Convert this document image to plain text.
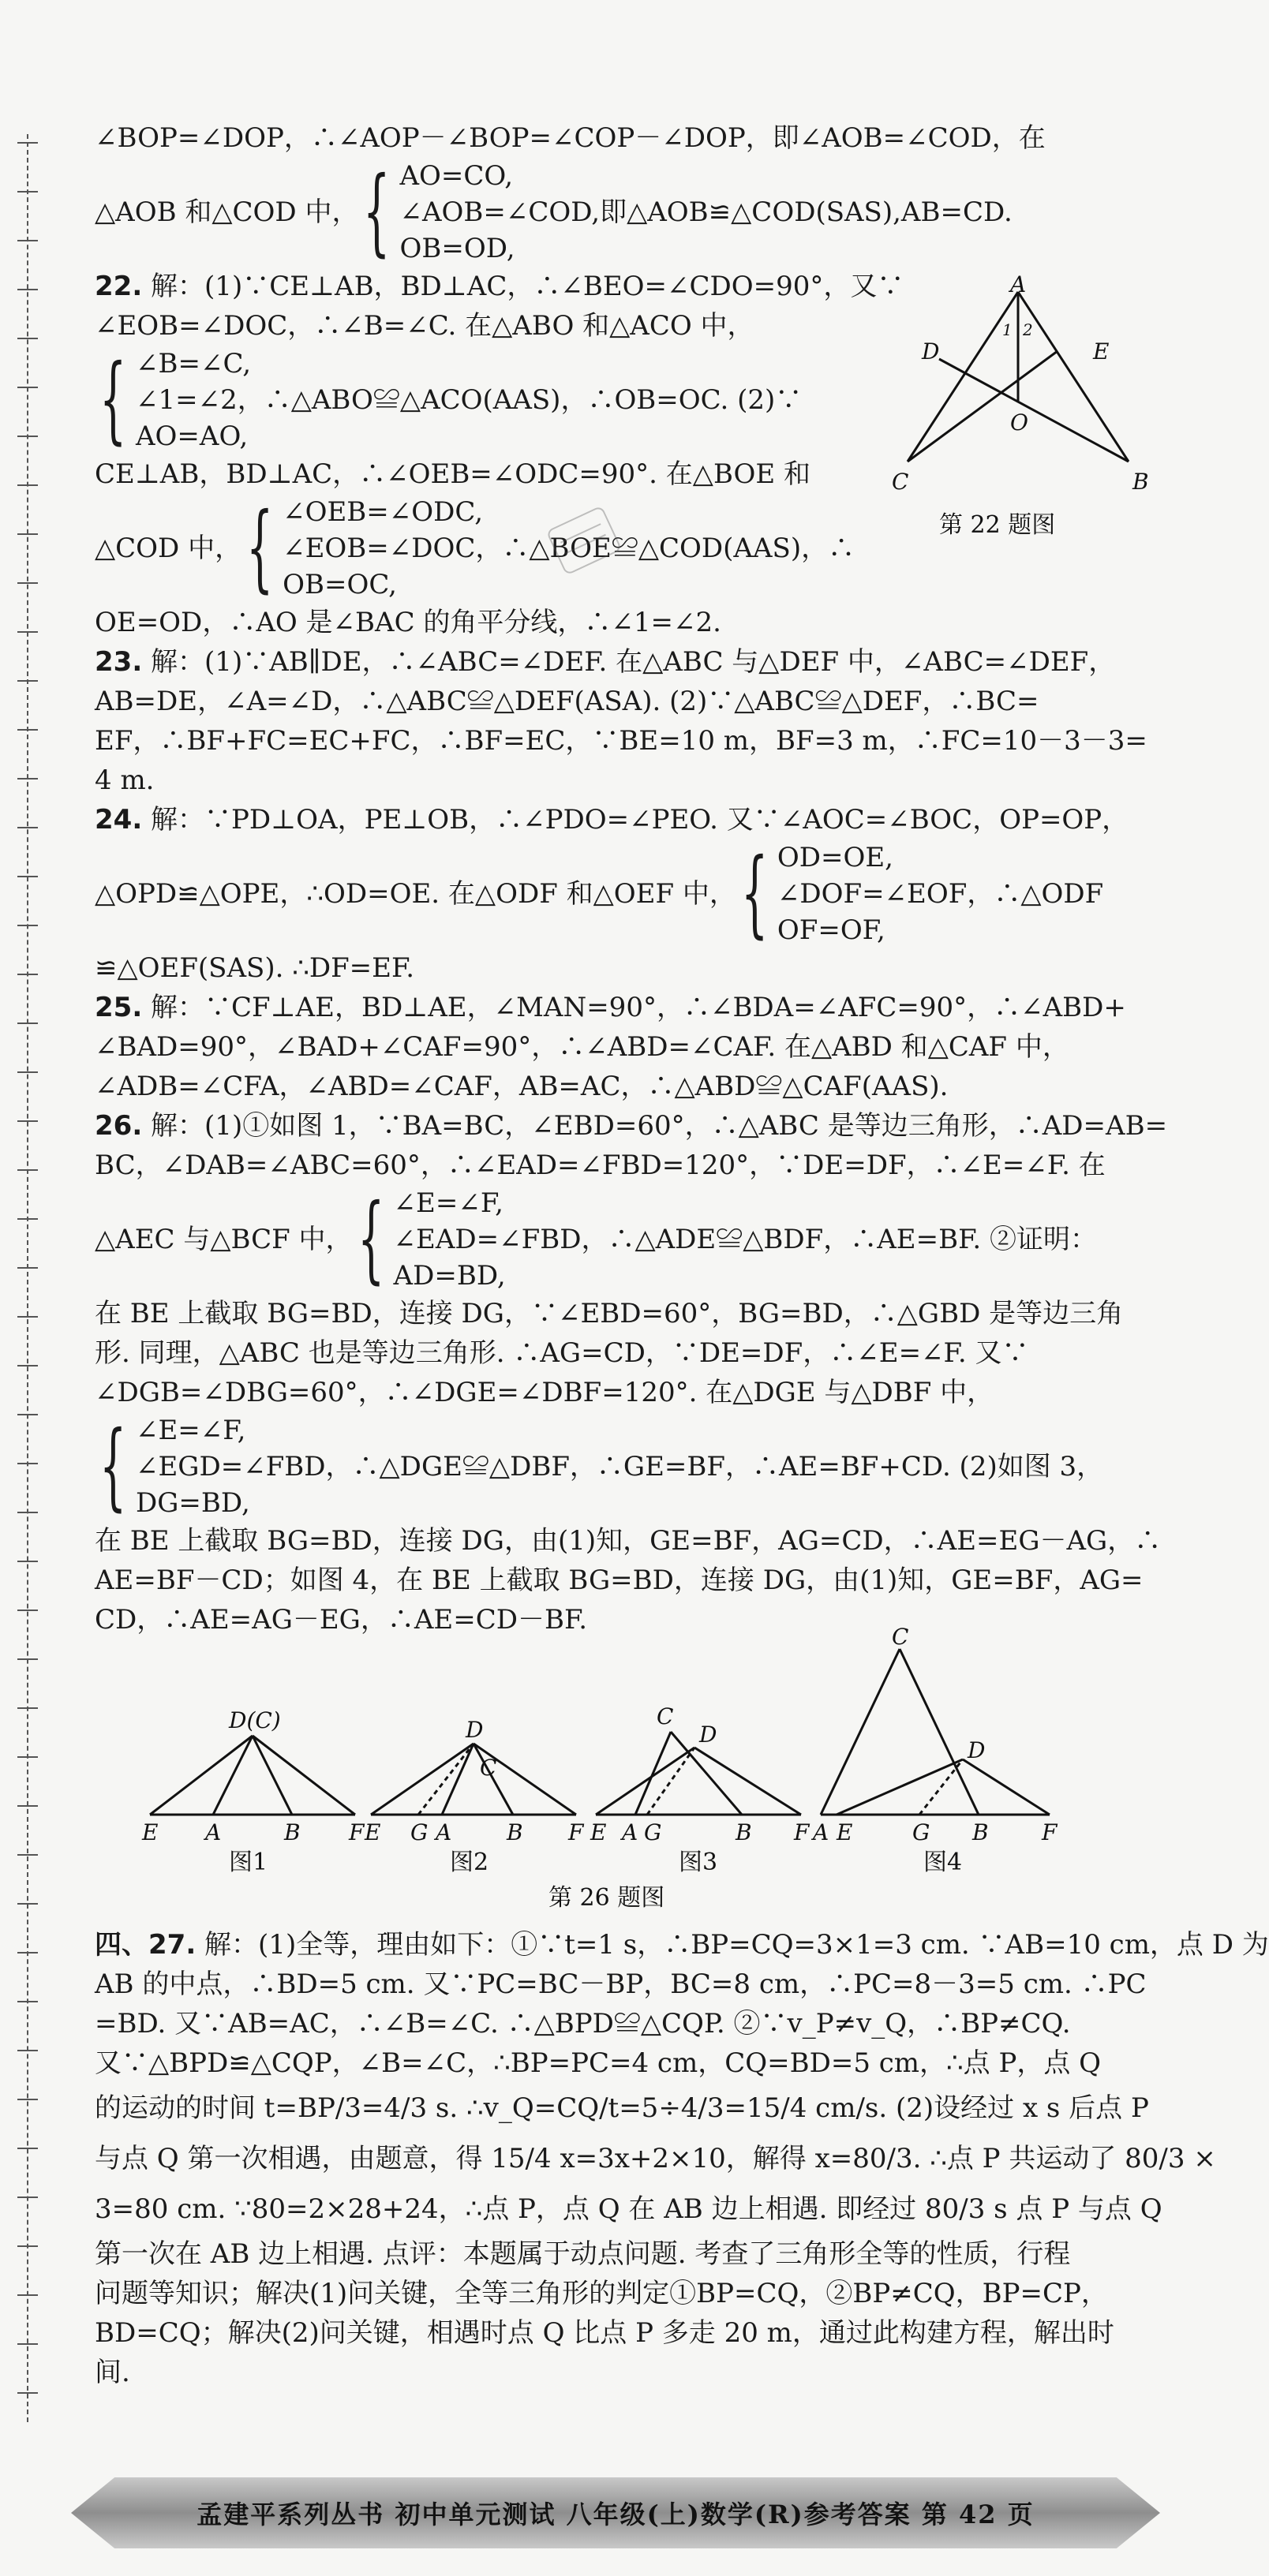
∠BOP=∠DOP，∴∠AOP－∠BOP=∠COP－∠DOP，即∠AOB=∠COD，在
△AOB 和△COD 中， { AO=CO,
∠AOB=∠COD,即△AOB≌△COD(SAS),AB=CD.
OB=OD,
22. 解：(1)∵CE⊥AB，BD⊥AC，∴∠BEO=∠CDO=90°，又∵
∠EOB=∠DOC，∴∠B=∠C. 在△ABO 和△ACO 中，
{ ∠B=∠C,
∠1=∠2，∴△ABO≌△ACO(AAS)，∴OB=OC. (2)∵
AO=AO,
CE⊥AB，BD⊥AC，∴∠OEB=∠ODC=90°. 在△BOE 和
△COD 中， { ∠OEB=∠ODC,
∠EOB=∠DOC，∴△BOE≌△COD(AAS)，∴
OB=OC,
OE=OD，∴AO 是∠BAC 的角平分线，∴∠1=∠2.
23. 解：(1)∵AB∥DE，∴∠ABC=∠DEF. 在△ABC 与△DEF 中，∠ABC=∠DEF，
AB=DE，∠A=∠D，∴△ABC≌△DEF(ASA). (2)∵△ABC≌△DEF，∴BC=
EF，∴BF+FC=EC+FC，∴BF=EC，∵BE=10 m，BF=3 m，∴FC=10－3－3=
4 m.
24. 解：∵PD⊥OA，PE⊥OB，∴∠PDO=∠PEO. 又∵∠AOC=∠BOC，OP=OP，
△OPD≌△OPE，∴OD=OE. 在△ODF 和△OEF 中， { OD=OE,
∠DOF=∠EOF，∴△ODF
OF=OF,
≌△OEF(SAS). ∴DF=EF.
25. 解：∵CF⊥AE，BD⊥AE，∠MAN=90°，∴∠BDA=∠AFC=90°，∴∠ABD+
∠BAD=90°，∠BAD+∠CAF=90°，∴∠ABD=∠CAF. 在△ABD 和△CAF 中，
∠ADB=∠CFA，∠ABD=∠CAF，AB=AC，∴△ABD≌△CAF(AAS).
26. 解：(1)①如图 1，∵BA=BC，∠EBD=60°，∴△ABC 是等边三角形，∴AD=AB=
BC，∠DAB=∠ABC=60°，∴∠EAD=∠FBD=120°，∵DE=DF，∴∠E=∠F. 在
△AEC 与△BCF 中， { ∠E=∠F,
∠EAD=∠FBD，∴△ADE≌△BDF，∴AE=BF. ②证明：
AD=BD,
在 BE 上截取 BG=BD，连接 DG，∵∠EBD=60°，BG=BD，∴△GBD 是等边三角
形. 同理，△ABC 也是等边三角形. ∴AG=CD，∵DE=DF，∴∠E=∠F. 又∵
∠DGB=∠DBG=60°，∴∠DGE=∠DBF=120°. 在△DGE 与△DBF 中，
{ ∠E=∠F,
∠EGD=∠FBD，∴△DGE≌△DBF，∴GE=BF，∴AE=BF+CD. (2)如图 3，
DG=BD,
在 BE 上截取 BG=BD，连接 DG，由(1)知，GE=BF，AG=CD，∴AE=EG－AG，∴
AE=BF－CD；如图 4，在 BE 上截取 BG=BD，连接 DG，由(1)知，GE=BF，AG=
CD，∴AE=AG－EG，∴AE=CD－BF.
A
D	E
O
C	B
1 2
第 22 题图
D(C)
E A	B F
图1
D
C
E G A B F
图2
C
D
E A G	B F
图3
C
D
A E	G B F
图4
第 26 题图
四、27. 解：(1)全等，理由如下：①∵t=1 s，∴BP=CQ=3×1=3 cm. ∵AB=10 cm，点 D 为
AB 的中点，∴BD=5 cm. 又∵PC=BC－BP，BC=8 cm，∴PC=8－3=5 cm. ∴PC
=BD. 又∵AB=AC，∴∠B=∠C. ∴△BPD≌△CQP. ②∵v_P≠v_Q，∴BP≠CQ.
又∵△BPD≌△CQP，∠B=∠C，∴BP=PC=4 cm，CQ=BD=5 cm，∴点 P，点 Q
的运动的时间 t=BP/3=4/3 s. ∴v_Q=CQ/t=5÷4/3=15/4 cm/s. (2)设经过 x s 后点 P
与点 Q 第一次相遇，由题意，得 15/4 x=3x+2×10，解得 x=80/3. ∴点 P 共运动了 80/3 ×
3=80 cm. ∵80=2×28+24，∴点 P，点 Q 在 AB 边上相遇. 即经过 80/3 s 点 P 与点 Q
第一次在 AB 边上相遇. 点评：本题属于动点问题. 考查了三角形全等的性质，行程
问题等知识；解决(1)问关键，全等三角形的判定①BP=CQ，②BP≠CQ，BP=CP，
BD=CQ；解决(2)问关键，相遇时点 Q 比点 P 多走 20 m，通过此构建方程，解出时
间.
孟建平系列丛书 初中单元测试 八年级(上)数学(R)参考答案 第 42 页
